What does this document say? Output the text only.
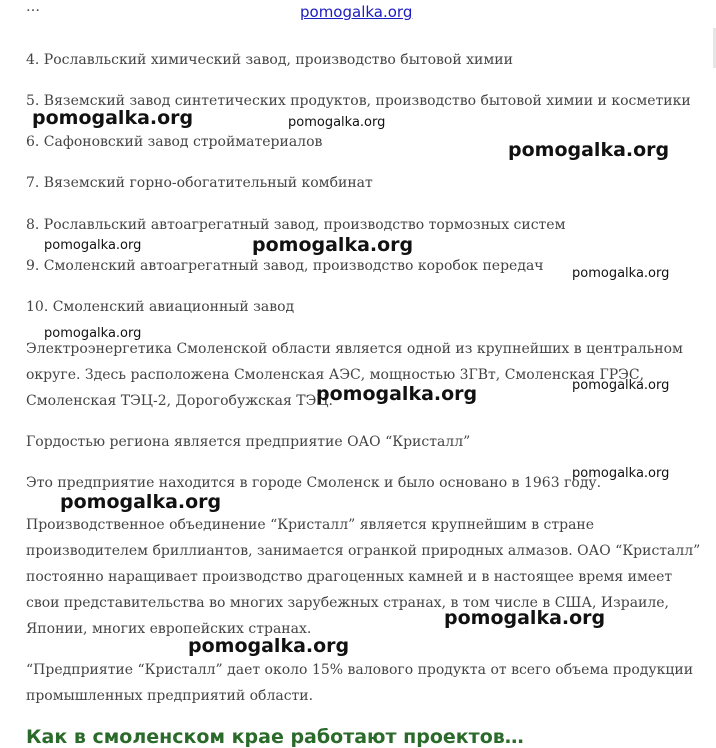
…	pomogalka.org

4. Рославльский химический завод, производство бытовой химии

5. Вяземский завод синтетических продуктов, производство бытовой химии и косметики

6. Сафоновский завод стройматериалов

7. Вяземский горно-обогатительный комбинат

8. Рославльский автоагрегатный завод, производство тормозных систем

9. Смоленский автоагрегатный завод, производство коробок передач

10. Смоленский авиационный завод

Электроэнергетика Смоленской области является одной из крупнейших в центральном

округе. Здесь расположена Смоленская АЭС, мощностью 3ГВт, Смоленская ГРЭС,

Смоленская ТЭЦ-2, Дорогобужская ТЭЦ.

Гордостью региона является предприятие ОАО “Кристалл”

Это предприятие находится в городе Смоленск и было основано в 1963 году.

Производственное объединение “Кристалл” является крупнейшим в стране

производителем бриллиантов, занимается огранкой природных алмазов. ОАО “Кристалл”

постоянно наращивает производство драгоценных камней и в настоящее время имеет

свои представительства во многих зарубежных странах, в том числе в США, Израиле,

Японии, многих европейских странах.

“Предприятие “Кристалл” дает около 15% валового продукта от всего объема продукции

промышленных предприятий области.

Как в смоленском крае работают проектов…
pomogalka.org	pomogalka.org
pomogalka.org
pomogalka.org	pomogalka.org
pomogalka.org
pomogalka.org
pomogalka.org
pomogalka.org
pomogalka.org
pomogalka.org
pomogalka.org
pomogalka.org
